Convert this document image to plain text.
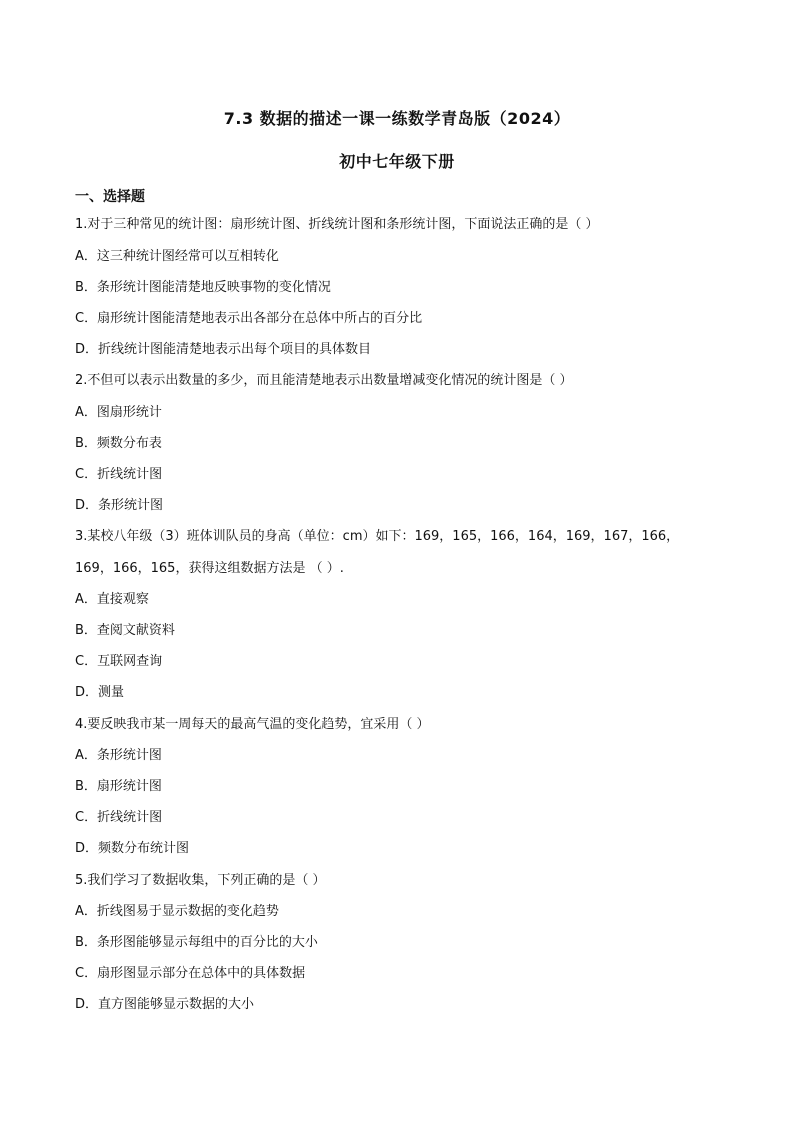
7.3 数据的描述一课一练数学青岛版（2024）
初中七年级下册
一、选择题
1.对于三种常见的统计图：扇形统计图、折线统计图和条形统计图，下面说法正确的是（ ）
A．这三种统计图经常可以互相转化
B．条形统计图能清楚地反映事物的变化情况
C．扇形统计图能清楚地表示出各部分在总体中所占的百分比
D．折线统计图能清楚地表示出每个项目的具体数目
2.不但可以表示出数量的多少，而且能清楚地表示出数量增减变化情况的统计图是（ ）
A．图扇形统计
B．频数分布表
C．折线统计图
D．条形统计图
3.某校八年级（3）班体训队员的身高（单位：cm）如下：169，165，166，164，169，167，166，
169，166，165，获得这组数据方法是 （ ）.
A．直接观察
B．查阅文献资料
C．互联网查询
D．测量
4.要反映我市某一周每天的最高气温的变化趋势，宜采用（ ）
A．条形统计图
B．扇形统计图
C．折线统计图
D．频数分布统计图
5.我们学习了数据收集，下列正确的是（ ）
A．折线图易于显示数据的变化趋势
B．条形图能够显示每组中的百分比的大小
C．扇形图显示部分在总体中的具体数据
D．直方图能够显示数据的大小
